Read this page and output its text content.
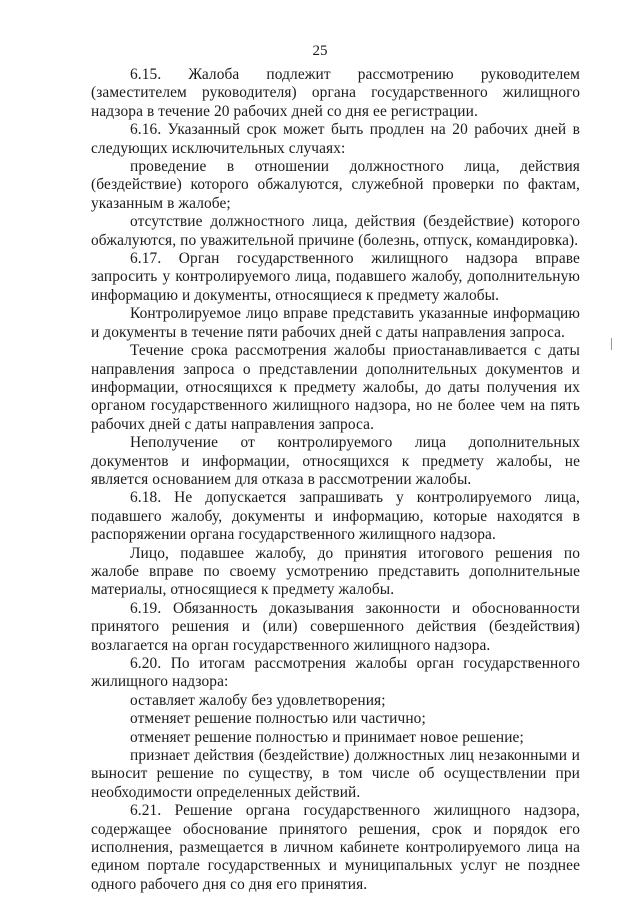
25

6.15. Жалоба подлежит рассмотрению руководителем (заместителем руководителя) органа государственного жилищного надзора в течение 20 рабочих дней со дня ее регистрации.

6.16. Указанный срок может быть продлен на 20 рабочих дней в следующих исключительных случаях:

проведение в отношении должностного лица, действия (бездействие) которого обжалуются, служебной проверки по фактам, указанным в жалобе;

отсутствие должностного лица, действия (бездействие) которого обжалуются, по уважительной причине (болезнь, отпуск, командировка).

6.17. Орган государственного жилищного надзора вправе запросить у контролируемого лица, подавшего жалобу, дополнительную информацию и документы, относящиеся к предмету жалобы.

Контролируемое лицо вправе представить указанные информацию и документы в течение пяти рабочих дней с даты направления запроса.

Течение срока рассмотрения жалобы приостанавливается с даты направления запроса о представлении дополнительных документов и информации, относящихся к предмету жалобы, до даты получения их органом государственного жилищного надзора, но не более чем на пять рабочих дней с даты направления запроса.

Неполучение от контролируемого лица дополнительных документов и информации, относящихся к предмету жалобы, не является основанием для отказа в рассмотрении жалобы.

6.18. Не допускается запрашивать у контролируемого лица, подавшего жалобу, документы и информацию, которые находятся в распоряжении органа государственного жилищного надзора.

Лицо, подавшее жалобу, до принятия итогового решения по жалобе вправе по своему усмотрению представить дополнительные материалы, относящиеся к предмету жалобы.

6.19. Обязанность доказывания законности и обоснованности принятого решения и (или) совершенного действия (бездействия) возлагается на орган государственного жилищного надзора.

6.20. По итогам рассмотрения жалобы орган государственного жилищного надзора:

оставляет жалобу без удовлетворения;

отменяет решение полностью или частично;

отменяет решение полностью и принимает новое решение;

признает действия (бездействие) должностных лиц незаконными и выносит решение по существу, в том числе об осуществлении при необходимости определенных действий.

6.21. Решение органа государственного жилищного надзора, содержащее обоснование принятого решения, срок и порядок его исполнения, размещается в личном кабинете контролируемого лица на едином портале государственных и муниципальных услуг не позднее одного рабочего дня со дня его принятия.
